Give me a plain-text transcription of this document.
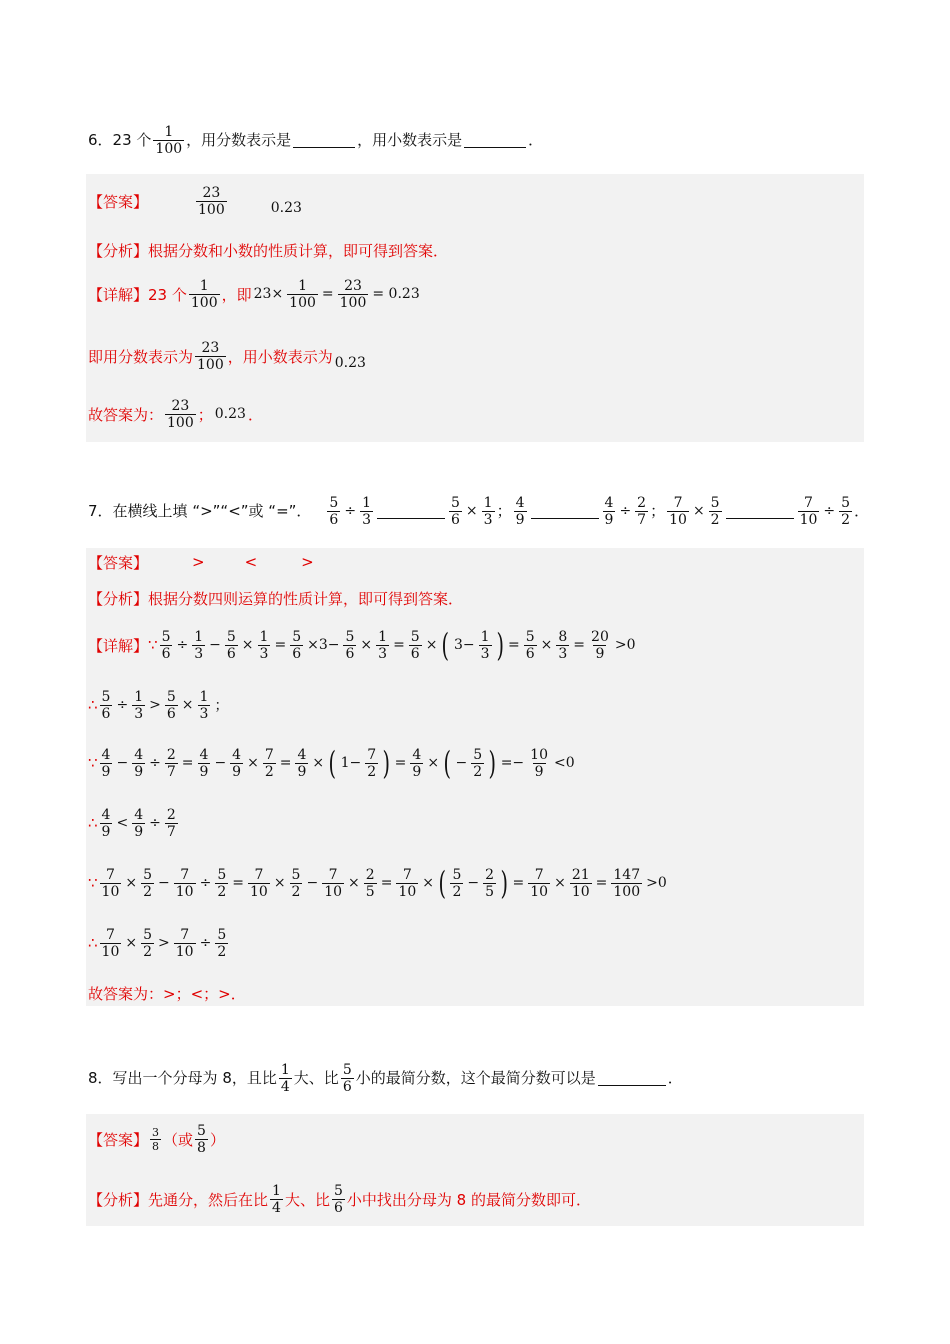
6． 23 个 $\frac{1}{100}$ ，用分数表示是	，用小数表示是	．
【答案】	$\frac{23}{100}$	0.23
【分析】 根据分数和小数的性质计算，即可得到答案．
【详解】 23 个 $\frac{1}{100}$ ，即 $23\times \frac{1}{100} = \frac{23}{100} = 0.23$
即用分数表示为 $\frac{23}{100}$ ，用小数表示为 0.23
故答案为： $\frac{23}{100}$ ； 0.23 ．
7． 在横线上填 “>”“<”或 “=”． $\frac{5}{6} \div \frac{1}{3}$	$\frac{5}{6} \times \frac{1}{3}$ ； $\frac{4}{9}$	$\frac{4}{9} \div \frac{2}{7}$ ； $\frac{7}{10} \times \frac{5}{2}$	$\frac{7}{10} \div \frac{5}{2}$ ．
【答案】	>	<	>
【分析】 根据分数四则运算的性质计算，即可得到答案．
【详解】 ∵ $\frac{5}{6} \div \frac{1}{3} - \frac{5}{6} \times \frac{1}{3} = \frac{5}{6} \times 3- \frac{5}{6} \times \frac{1}{3} = \frac{5}{6}$ × ( $3- \frac{1}{3}$ ) = $\frac{5}{6} \times \frac{8}{3} = \frac{20}{9} >0$
∴ $\frac{5}{6} \div \frac{1}{3} > \frac{5}{6} \times \frac{1}{3}$ ；
∵ $\frac{4}{9} - \frac{4}{9} \div \frac{2}{7} = \frac{4}{9} - \frac{4}{9} \times \frac{7}{2} = \frac{4}{9}$ × ( $1- \frac{7}{2}$ ) = $\frac{4}{9}$ × ( − $\frac{5}{2}$ ) =− $\frac{10}{9} <0$
∴ $\frac{4}{9} < \frac{4}{9} \div \frac{2}{7}$
∵ $\frac{7}{10} \times \frac{5}{2} - \frac{7}{10} \div \frac{5}{2} = \frac{7}{10} \times \frac{5}{2} - \frac{7}{10} \times \frac{2}{5} = \frac{7}{10}$ × ( $\frac{5}{2} - \frac{2}{5}$ ) = $\frac{7}{10} \times \frac{21}{10} = \frac{147}{100} >0$
∴ $\frac{7}{10} \times \frac{5}{2} > \frac{7}{10} \div \frac{5}{2}$
故答案为：>；<；>．
8． 写出一个分母为 8，且比 $\frac{1}{4}$ 大、比 $\frac{5}{6}$ 小的最简分数，这个最简分数可以是	．
【答案】 $\frac{3}{8}$ （或 $\frac{5}{8}$ ）
【分析】 先通分，然后在比 $\frac{1}{4}$ 大、比 $\frac{5}{6}$ 小中找出分母为 8 的最简分数即可．
